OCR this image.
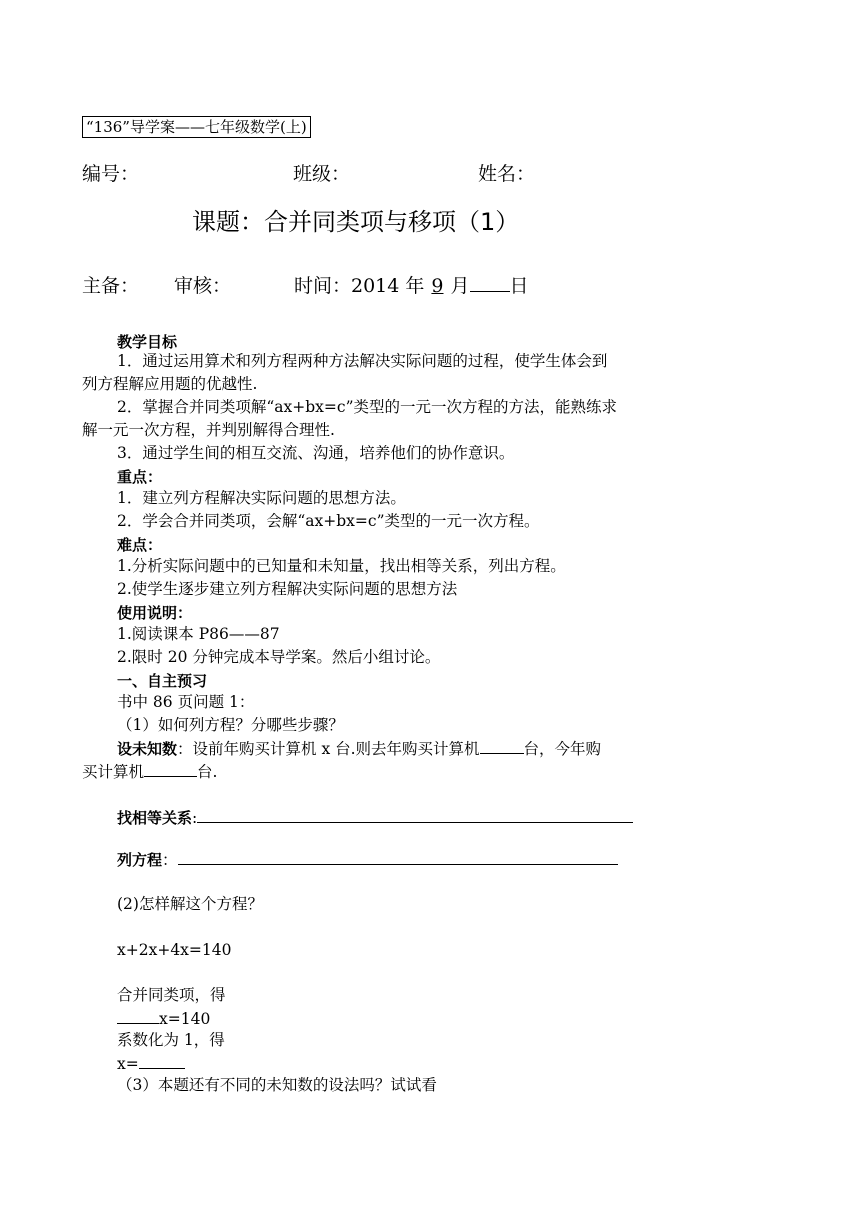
“136”导学案——七年级数学(上)
编号：	班级：	姓名：
课题：合并同类项与移项（1）
主备： 审核：	时间：2014 年 9 月 日
教学目标
1．通过运用算术和列方程两种方法解决实际问题的过程，使学生体会到
列方程解应用题的优越性.
2．掌握合并同类项解“ax+bx=c”类型的一元一次方程的方法，能熟练求
解一元一次方程，并判别解得合理性.
3．通过学生间的相互交流、沟通，培养他们的协作意识。
重点：
1．建立列方程解决实际问题的思想方法。
2．学会合并同类项，会解“ax+bx=c”类型的一元一次方程。
难点：
1.分析实际问题中的已知量和未知量，找出相等关系，列出方程。
2.使学生逐步建立列方程解决实际问题的思想方法
使用说明：
1.阅读课本 P86——87
2.限时 20 分钟完成本导学案。然后小组讨论。
一、自主预习
书中 86 页问题 1：
（1）如何列方程？分哪些步骤？
设未知数：设前年购买计算机 x 台.则去年购买计算机	台，今年购
买计算机	台.
找相等关系:
列方程：
(2)怎样解这个方程？
x+2x+4x=140
合并同类项，得
x=140
系数化为 1，得
x=
（3）本题还有不同的未知数的设法吗？试试看
